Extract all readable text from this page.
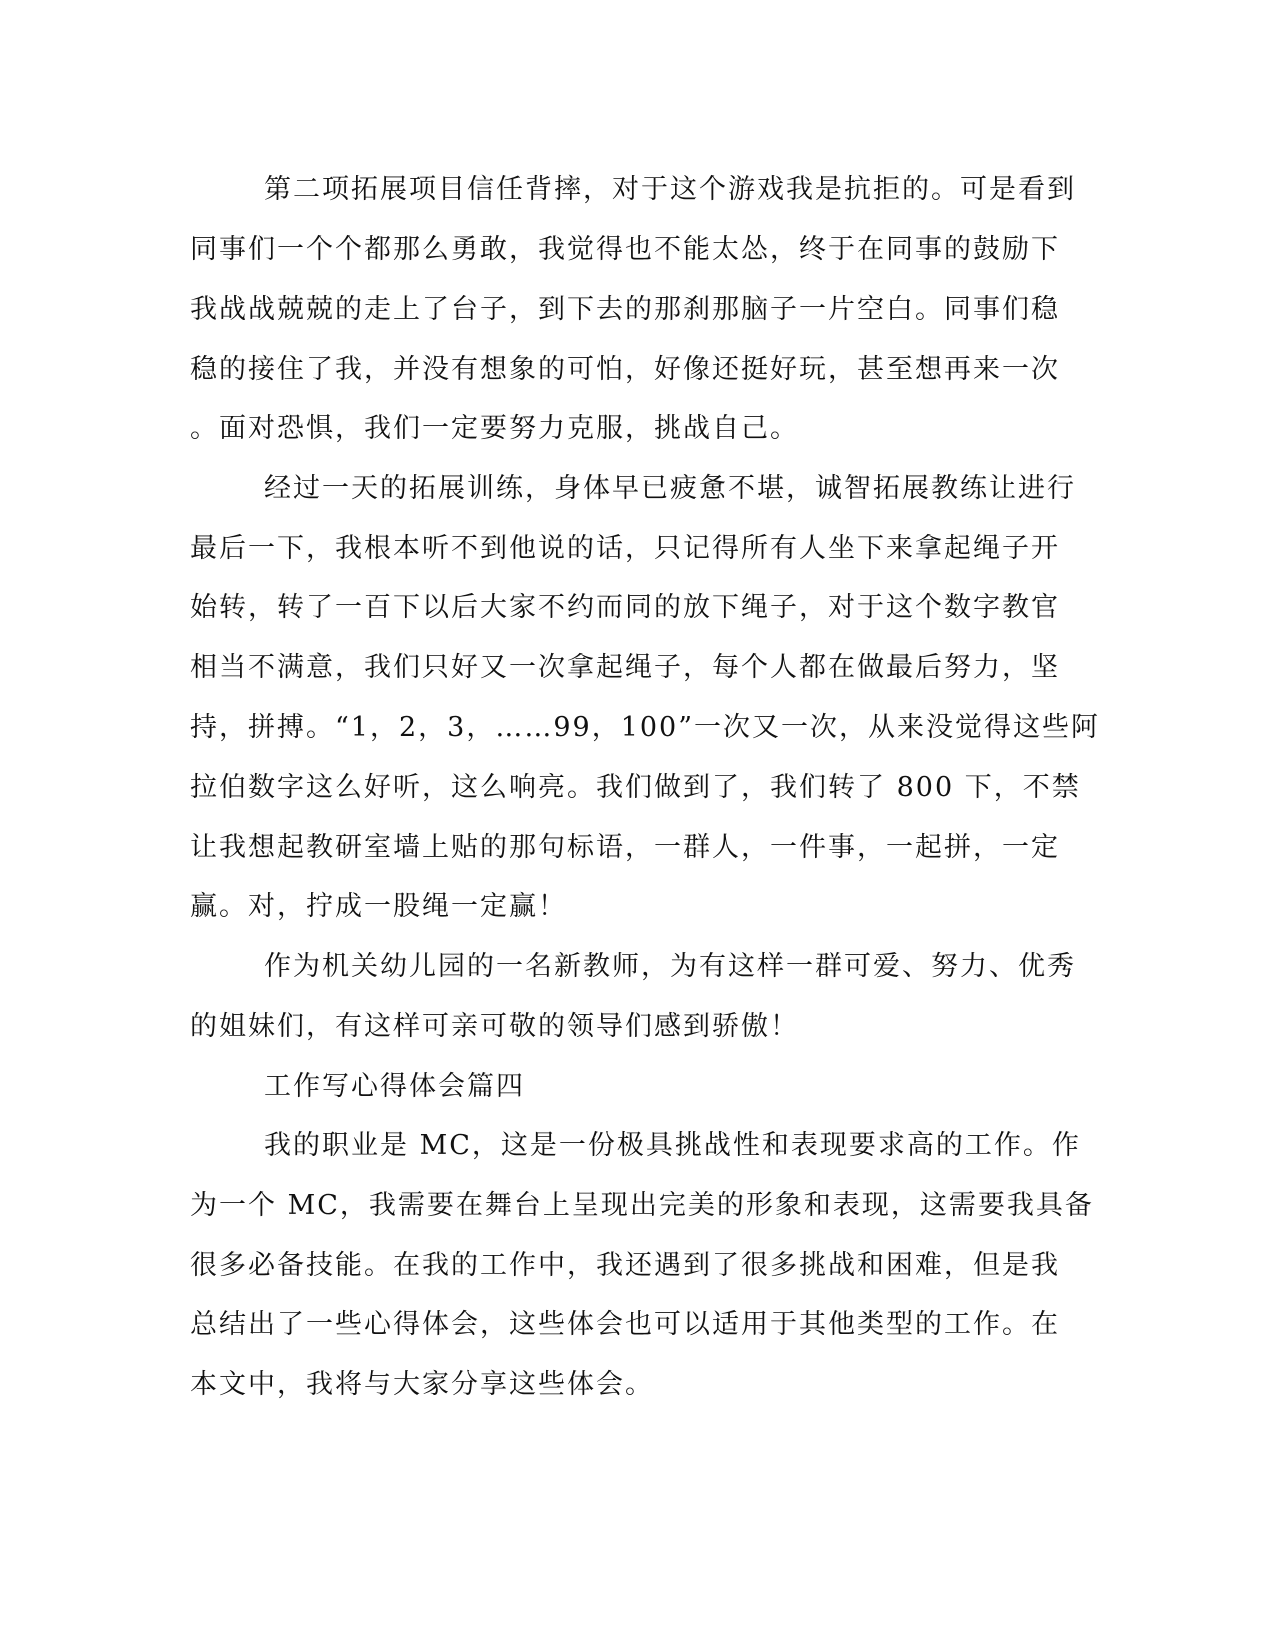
第二项拓展项目信任背摔，对于这个游戏我是抗拒的。可是看到
同事们一个个都那么勇敢，我觉得也不能太怂，终于在同事的鼓励下
我战战兢兢的走上了台子，到下去的那刹那脑子一片空白。同事们稳
稳的接住了我，并没有想象的可怕，好像还挺好玩，甚至想再来一次
。面对恐惧，我们一定要努力克服，挑战自己。
经过一天的拓展训练，身体早已疲惫不堪，诚智拓展教练让进行
最后一下，我根本听不到他说的话，只记得所有人坐下来拿起绳子开
始转，转了一百下以后大家不约而同的放下绳子，对于这个数字教官
相当不满意，我们只好又一次拿起绳子，每个人都在做最后努力，坚
持，拼搏。“1，2，3，……99，100”一次又一次，从来没觉得这些阿
拉伯数字这么好听，这么响亮。我们做到了，我们转了 800 下，不禁
让我想起教研室墙上贴的那句标语，一群人，一件事，一起拼，一定
赢。对，拧成一股绳一定赢！
作为机关幼儿园的一名新教师，为有这样一群可爱、努力、优秀
的姐妹们，有这样可亲可敬的领导们感到骄傲！
工作写心得体会篇四
我的职业是 MC，这是一份极具挑战性和表现要求高的工作。作
为一个 MC，我需要在舞台上呈现出完美的形象和表现，这需要我具备
很多必备技能。在我的工作中，我还遇到了很多挑战和困难，但是我
总结出了一些心得体会，这些体会也可以适用于其他类型的工作。在
本文中，我将与大家分享这些体会。
